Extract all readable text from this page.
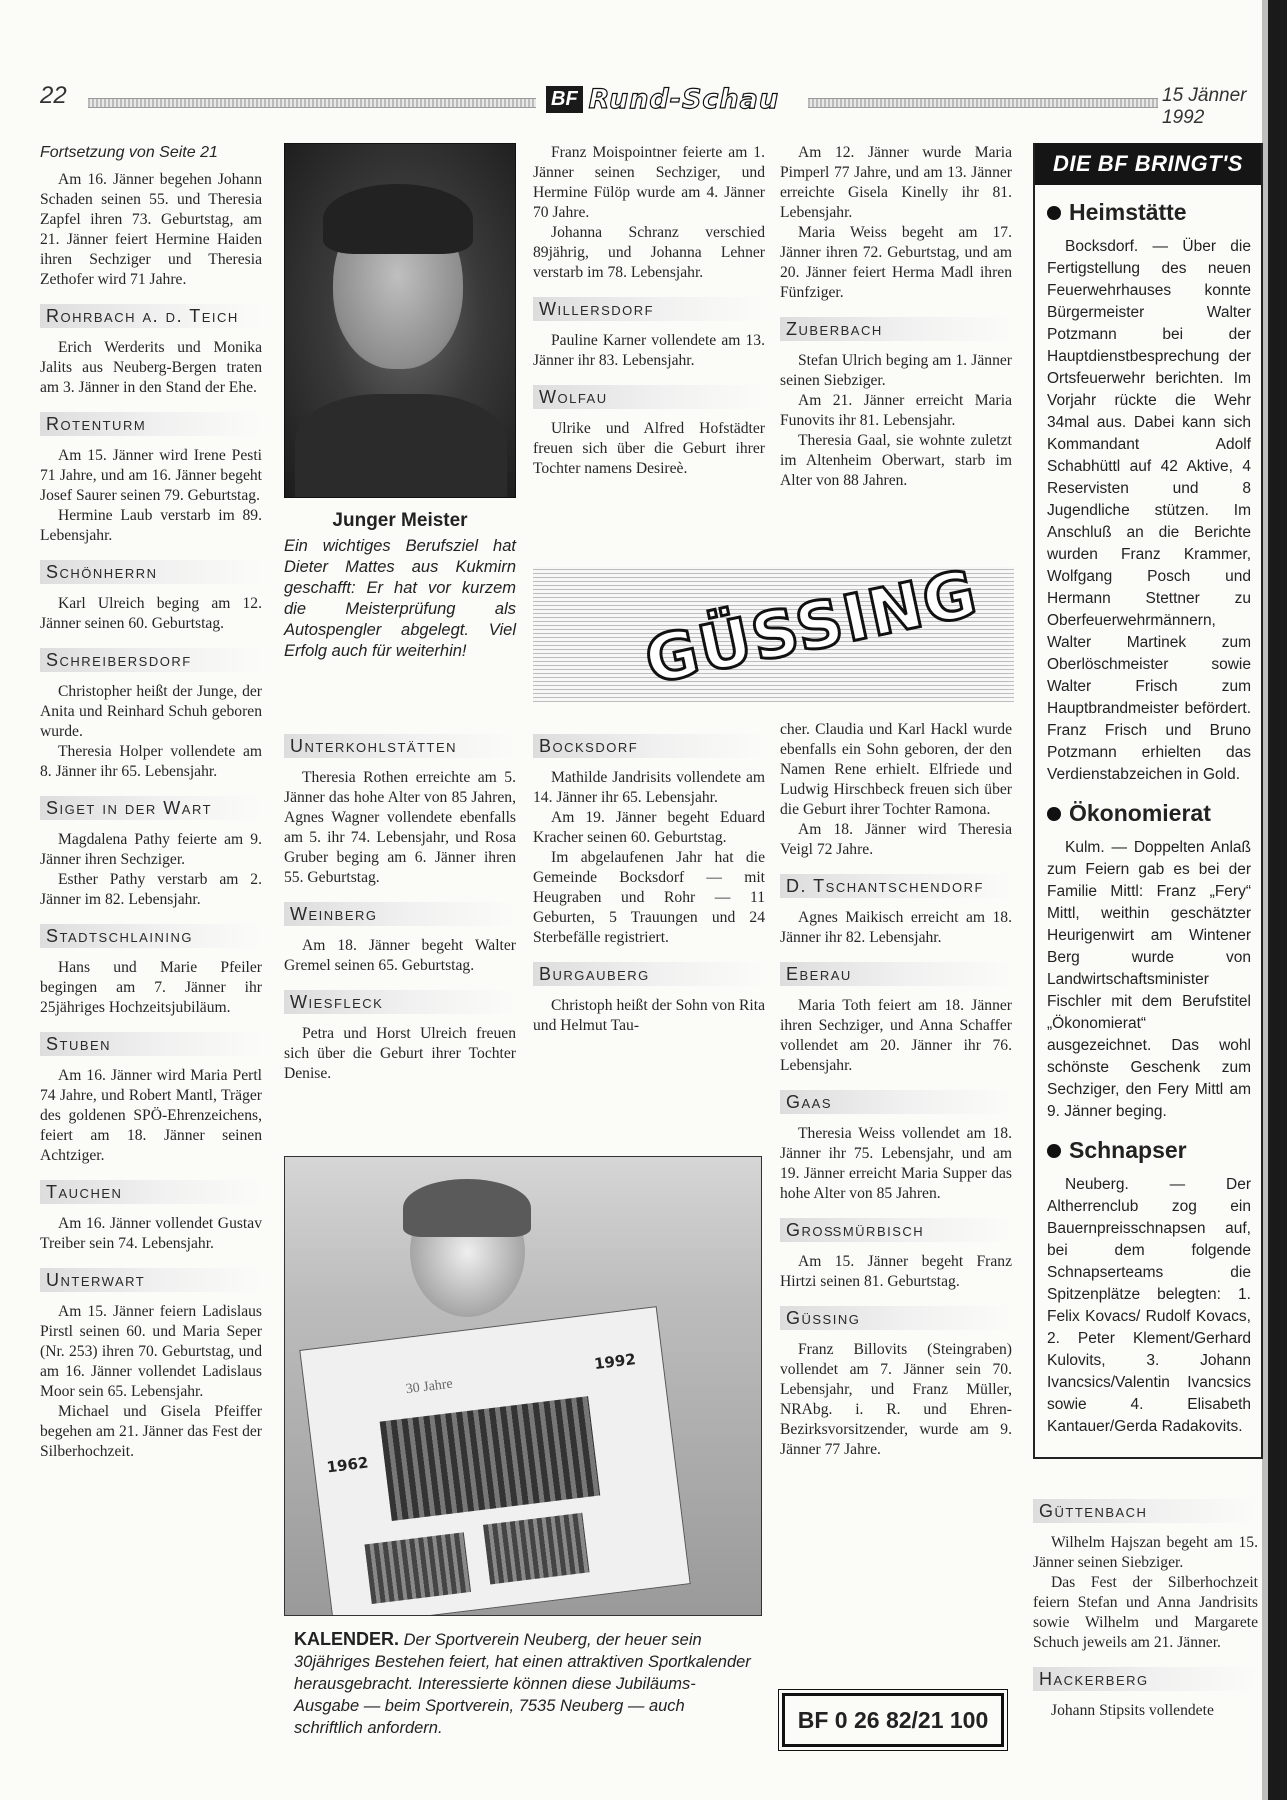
22	BF Rund-Schau	15 Jänner 1992

Fortsetzung von Seite 21

Am 16. Jänner begehen Johann Schaden seinen 55. und Theresia Zapfel ihren 73. Geburtstag, am 21. Jänner feiert Hermine Haiden ihren Sechziger und Theresia Zethofer wird 71 Jahre.

Rohrbach a. d. Teich

Erich Werderits und Monika Jalits aus Neuberg-Bergen traten am 3. Jänner in den Stand der Ehe.

Rotenturm

Am 15. Jänner wird Irene Pesti 71 Jahre, und am 16. Jänner begeht Josef Saurer seinen 79. Geburtstag.

Hermine Laub verstarb im 89. Lebensjahr.

Schönherrn

Karl Ulreich beging am 12. Jänner seinen 60. Geburtstag.

Schreibersdorf

Christopher heißt der Junge, der Anita und Reinhard Schuh geboren wurde.

Theresia Holper vollendete am 8. Jänner ihr 65. Lebensjahr.

Siget in der Wart

Magdalena Pathy feierte am 9. Jänner ihren Sechziger.

Esther Pathy verstarb am 2. Jänner im 82. Lebensjahr.

Stadtschlaining

Hans und Marie Pfeiler begingen am 7. Jänner ihr 25jähriges Hochzeitsjubiläum.

Stuben

Am 16. Jänner wird Maria Pertl 74 Jahre, und Robert Mantl, Träger des goldenen SPÖ-Ehrenzeichens, feiert am 18. Jänner seinen Achtziger.

Tauchen

Am 16. Jänner vollendet Gustav Treiber sein 74. Lebensjahr.

Unterwart

Am 15. Jänner feiern Ladislaus Pirstl seinen 60. und Maria Seper (Nr. 253) ihren 70. Geburtstag, und am 16. Jänner vollendet Ladislaus Moor sein 65. Lebensjahr.

Michael und Gisela Pfeiffer begehen am 21. Jänner das Fest der Silberhochzeit.

Junger Meister
Ein wichtiges Berufsziel hat Dieter Mattes aus Kukmirn geschafft: Er hat vor kurzem die Meisterprüfung als Autospengler abgelegt. Viel Erfolg auch für weiterhin!
Unterkohlstätten

Theresia Rothen erreichte am 5. Jänner das hohe Alter von 85 Jahren, Agnes Wagner vollendete ebenfalls am 5. ihr 74. Lebensjahr, und Rosa Gruber beging am 6. Jänner ihren 55. Geburtstag.

Weinberg

Am 18. Jänner begeht Walter Gremel seinen 65. Geburtstag.

Wiesfleck

Petra und Horst Ulreich freuen sich über die Geburt ihrer Tochter Denise.

Franz Moispointner feierte am 1. Jänner seinen Sechziger, und Hermine Fülöp wurde am 4. Jänner 70 Jahre.

Johanna Schranz verschied 89jährig, und Johanna Lehner verstarb im 78. Lebensjahr.

Willersdorf

Pauline Karner vollendete am 13. Jänner ihr 83. Lebensjahr.

Wolfau

Ulrike und Alfred Hofstädter freuen sich über die Geburt ihrer Tochter namens Desireè.

Am 12. Jänner wurde Maria Pimperl 77 Jahre, und am 13. Jänner erreichte Gisela Kinelly ihr 81. Lebensjahr.

Maria Weiss begeht am 17. Jänner ihren 72. Geburtstag, und am 20. Jänner feiert Herma Madl ihren Fünfziger.

Zuberbach

Stefan Ulrich beging am 1. Jänner seinen Siebziger.

Am 21. Jänner erreicht Maria Funovits ihr 81. Lebensjahr.

Theresia Gaal, sie wohnte zuletzt im Altenheim Oberwart, starb im Alter von 88 Jahren.

GÜSSING
Bocksdorf

Mathilde Jandrisits vollendete am 14. Jänner ihr 65. Lebensjahr.

Am 19. Jänner begeht Eduard Kracher seinen 60. Geburtstag.

Im abgelaufenen Jahr hat die Gemeinde Bocksdorf — mit Heugraben und Rohr — 11 Geburten, 5 Trauungen und 24 Sterbefälle registriert.

Burgauberg

Christoph heißt der Sohn von Rita und Helmut Tau-

cher. Claudia und Karl Hackl wurde ebenfalls ein Sohn geboren, der den Namen Rene erhielt. Elfriede und Ludwig Hirschbeck freuen sich über die Geburt ihrer Tochter Ramona.

Am 18. Jänner wird Theresia Veigl 72 Jahre.

D. Tschantschendorf

Agnes Maikisch erreicht am 18. Jänner ihr 82. Lebensjahr.

Eberau

Maria Toth feiert am 18. Jänner ihren Sechziger, und Anna Schaffer vollendet am 20. Jänner ihr 76. Lebensjahr.

Gaas

Theresia Weiss vollendet am 18. Jänner ihr 75. Lebensjahr, und am 19. Jänner erreicht Maria Supper das hohe Alter von 85 Jahren.

Großmürbisch

Am 15. Jänner begeht Franz Hirtzi seinen 81. Geburtstag.

Güssing

Franz Billovits (Steingraben) vollendet am 7. Jänner sein 70. Lebensjahr, und Franz Müller, NRAbg. i. R. und Ehren-Bezirksvorsitzender, wurde am 9. Jänner 77 Jahre.

1962
30 Jahre
1992
KALENDER. Der Sportverein Neuberg, der heuer sein 30jähriges Bestehen feiert, hat einen attraktiven Sportkalender herausgebracht. Interessierte können diese Jubiläums-Ausgabe — beim Sportverein, 7535 Neuberg — auch schriftlich anfordern.	BF 0 26 82/21 100
DIE BF BRINGT'S
Heimstätte

Bocksdorf. — Über die Fertigstellung des neuen Feuerwehrhauses konnte Bürgermeister Walter Potzmann bei der Hauptdienstbesprechung der Ortsfeuerwehr berichten. Im Vorjahr rückte die Wehr 34mal aus. Dabei kann sich Kommandant Adolf Schabhüttl auf 42 Aktive, 4 Reservisten und 8 Jugendliche stützen. Im Anschluß an die Berichte wurden Franz Krammer, Wolfgang Posch und Hermann Stettner zu Oberfeuerwehrmännern, Walter Martinek zum Oberlöschmeister sowie Walter Frisch zum Hauptbrandmeister befördert. Franz Frisch und Bruno Potzmann erhielten das Verdienstabzeichen in Gold.

Ökonomierat

Kulm. — Doppelten Anlaß zum Feiern gab es bei der Familie Mittl: Franz „Fery“ Mittl, weithin geschätzter Heurigenwirt am Wintener Berg wurde von Landwirtschaftsminister Fischler mit dem Berufstitel „Ökonomierat“ ausgezeichnet. Das wohl schönste Geschenk zum Sechziger, den Fery Mittl am 9. Jänner beging.

Schnapser

Neuberg. — Der Altherrenclub zog ein Bauernpreisschnapsen auf, bei dem folgende Schnapserteams die Spitzenplätze belegten: 1. Felix Kovacs/ Rudolf Kovacs, 2. Peter Klement/Gerhard Kulovits, 3. Johann Ivancsics/Valentin Ivancsics sowie 4. Elisabeth Kantauer/Gerda Radakovits.

Güttenbach

Wilhelm Hajszan begeht am 15. Jänner seinen Siebziger.

Das Fest der Silberhochzeit feiern Stefan und Anna Jandrisits sowie Wilhelm und Margarete Schuch jeweils am 21. Jänner.

Hackerberg

Johann Stipsits vollendete
